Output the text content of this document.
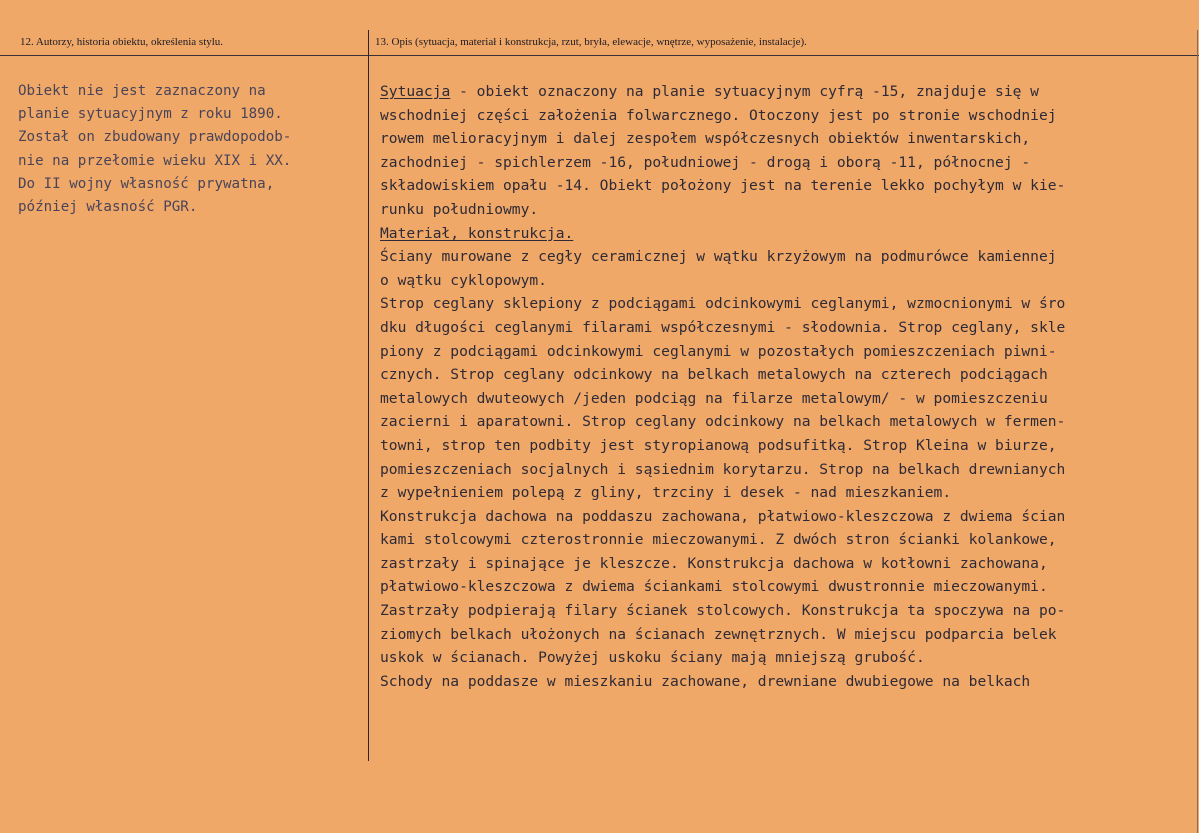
12. Autorzy, historia obiektu, określenia stylu.	13. Opis (sytuacja, materiał i konstrukcja, rzut, bryła, elewacje, wnętrze, wyposażenie, instalacje).
Obiekt nie jest zaznaczony na
planie sytuacyjnym z roku 1890.
Został on zbudowany prawdopodob-
nie na przełomie wieku XIX i XX.
Do II wojny własność prywatna,
później własność PGR.
Sytuacja - obiekt oznaczony na planie sytuacyjnym cyfrą -15, znajduje się w
wschodniej części założenia folwarcznego. Otoczony jest po stronie wschodniej
rowem melioracyjnym i dalej zespołem współczesnych obiektów inwentarskich,
zachodniej - spichlerzem -16, południowej - drogą i oborą -11, północnej -
składowiskiem opału -14. Obiekt położony jest na terenie lekko pochyłym w kie-
runku południowmy.
Materiał, konstrukcja.
Ściany murowane z cegły ceramicznej w wątku krzyżowym na podmurówce kamiennej
o wątku cyklopowym.
Strop ceglany sklepiony z podciągami odcinkowymi ceglanymi, wzmocnionymi w śro
dku długości ceglanymi filarami współczesnymi - słodownia. Strop ceglany, skle
piony z podciągami odcinkowymi ceglanymi w pozostałych pomieszczeniach piwni-
cznych. Strop ceglany odcinkowy na belkach metalowych na czterech podciągach
metalowych dwuteowych /jeden podciąg na filarze metalowym/ - w pomieszczeniu
zacierni i aparatowni. Strop ceglany odcinkowy na belkach metalowych w fermen-
towni, strop ten podbity jest styropianową podsufitką. Strop Kleina w biurze,
pomieszczeniach socjalnych i sąsiednim korytarzu. Strop na belkach drewnianych
z wypełnieniem polepą z gliny, trzciny i desek - nad mieszkaniem.
Konstrukcja dachowa na poddaszu zachowana, płatwiowo-kleszczowa z dwiema ścian
kami stolcowymi czterostronnie mieczowanymi. Z dwóch stron ścianki kolankowe,
zastrzały i spinające je kleszcze. Konstrukcja dachowa w kotłowni zachowana,
płatwiowo-kleszczowa z dwiema ściankami stolcowymi dwustronnie mieczowanymi.
Zastrzały podpierają filary ścianek stolcowych. Konstrukcja ta spoczywa na po-
ziomych belkach ułożonych na ścianach zewnętrznych. W miejscu podparcia belek
uskok w ścianach. Powyżej uskoku ściany mają mniejszą grubość.
Schody na poddasze w mieszkaniu zachowane, drewniane dwubiegowe na belkach
